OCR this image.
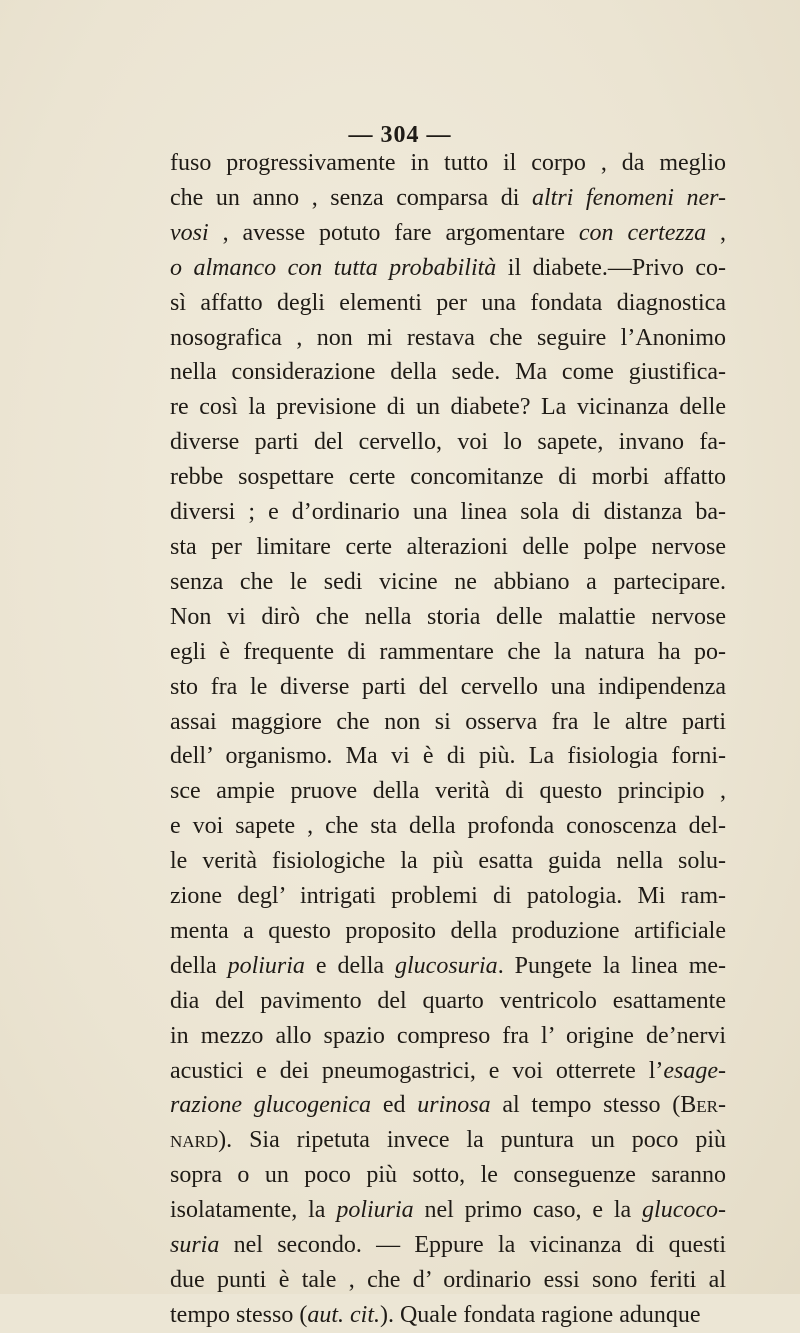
— 304 —
fuso progressivamente in tutto il corpo , da meglio
che un anno , senza comparsa di altri fenomeni ner-
vosi , avesse potuto fare argomentare con certezza ,
o almanco con tutta probabilità il diabete.—Privo co-
sì affatto degli elementi per una fondata diagnostica
nosografica , non mi restava che seguire l’Anonimo
nella considerazione della sede. Ma come giustifica-
re così la previsione di un diabete? La vicinanza delle
diverse parti del cervello, voi lo sapete, invano fa-
rebbe sospettare certe concomitanze di morbi affatto
diversi ; e d’ordinario una linea sola di distanza ba-
sta per limitare certe alterazioni delle polpe nervose
senza che le sedi vicine ne abbiano a partecipare.
Non vi dirò che nella storia delle malattie nervose
egli è frequente di rammentare che la natura ha po-
sto fra le diverse parti del cervello una indipendenza
assai maggiore che non si osserva fra le altre parti
dell’ organismo. Ma vi è di più. La fisiologia forni-
sce ampie pruove della verità di questo principio ,
e voi sapete , che sta della profonda conoscenza del-
le verità fisiologiche la più esatta guida nella solu-
zione degl’ intrigati problemi di patologia. Mi ram-
menta a questo proposito della produzione artificiale
della poliuria e della glucosuria. Pungete la linea me-
dia del pavimento del quarto ventricolo esattamente
in mezzo allo spazio compreso fra l’ origine de’nervi
acustici e dei pneumogastrici, e voi otterrete l’esage-
razione glucogenica ed urinosa al tempo stesso (Ber-
nard). Sia ripetuta invece la puntura un poco più
sopra o un poco più sotto, le conseguenze saranno
isolatamente, la poliuria nel primo caso, e la glucoco-
suria nel secondo. — Eppure la vicinanza di questi
due punti è tale , che d’ ordinario essi sono feriti al
tempo stesso (aut. cit.). Quale fondata ragione adunque
